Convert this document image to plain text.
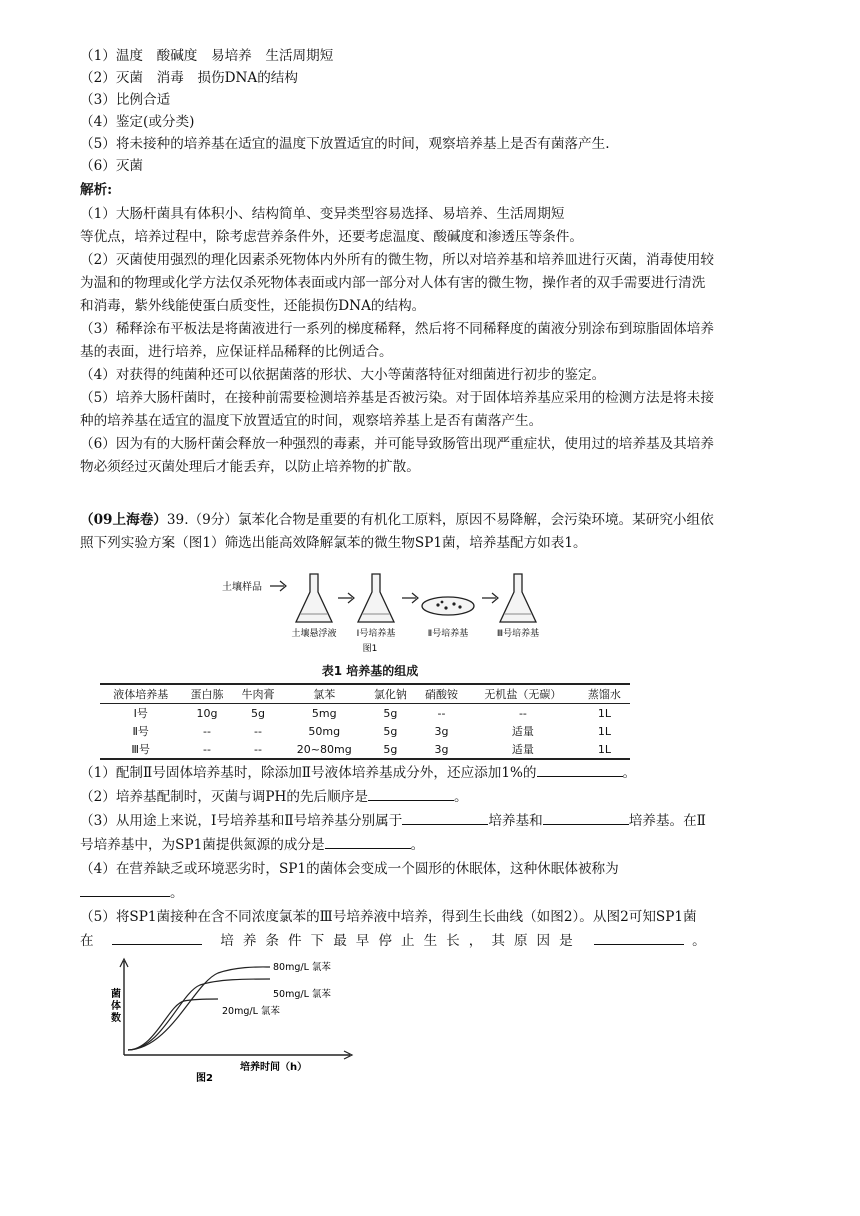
（1）温度　酸碱度　易培养　生活周期短
（2）灭菌　消毒　损伤DNA的结构
（3）比例合适
（4）鉴定(或分类)
（5）将未接种的培养基在适宜的温度下放置适宜的时间，观察培养基上是否有菌落产生.
（6）灭菌
解析:
（1）大肠杆菌具有体积小、结构简单、变异类型容易选择、易培养、生活周期短
等优点，培养过程中，除考虑营养条件外，还要考虑温度、酸碱度和渗透压等条件。
（2）灭菌使用强烈的理化因素杀死物体内外所有的微生物，所以对培养基和培养皿进行灭菌，消毒使用较
为温和的物理或化学方法仅杀死物体表面或内部一部分对人体有害的微生物，操作者的双手需要进行清洗
和消毒，紫外线能使蛋白质变性，还能损伤DNA的结构。
（3）稀释涂布平板法是将菌液进行一系列的梯度稀释，然后将不同稀释度的菌液分别涂布到琼脂固体培养
基的表面，进行培养，应保证样品稀释的比例适合。
（4）对获得的纯菌种还可以依据菌落的形状、大小等菌落特征对细菌进行初步的鉴定。
（5）培养大肠杆菌时，在接种前需要检测培养基是否被污染。对于固体培养基应采用的检测方法是将未接
种的培养基在适宜的温度下放置适宜的时间，观察培养基上是否有菌落产生。
（6）因为有的大肠杆菌会释放一种强烈的毒素，并可能导致肠管出现严重症状，使用过的培养基及其培养
物必须经过灭菌处理后才能丢弃，以防止培养物的扩散。
（09上海卷）39.（9分）氯苯化合物是重要的有机化工原料，原因不易降解，会污染环境。某研究小组依
照下列实验方案（图1）筛选出能高效降解氯苯的微生物SP1菌，培养基配方如表1。
土壤样品
土壤悬浮液 Ⅰ号培养基	Ⅱ号培养基	Ⅲ号培养基
图1
表1 培养基的组成
液体培养基	蛋白胨	牛肉膏	氯苯	氯化钠	硝酸铵	无机盐（无碳）	蒸馏水
Ⅰ号	10g	5g	5mg	5g	--	--	1L
Ⅱ号	--	--	50mg	5g	3g	适量	1L
Ⅲ号	--	--	20~80mg	5g	3g	适量	1L
（1）配制Ⅱ号固体培养基时，除添加Ⅱ号液体培养基成分外，还应添加1%的	。
（2）培养基配制时，灭菌与调PH的先后顺序是	。
（3）从用途上来说，Ⅰ号培养基和Ⅱ号培养基分别属于	培养基和	培养基。在Ⅱ
号培养基中，为SP1菌提供氮源的成分是	。
（4）在营养缺乏或环境恶劣时，SP1的菌体会变成一个圆形的休眠体，这种休眠体被称为
。
（5）将SP1菌接种在含不同浓度氯苯的Ⅲ号培养液中培养，得到生长曲线（如图2）。从图2可知SP1菌
在	培养条件下最早停止生长，其原因是	。
菌
体
数
80mg/L 氯苯
50mg/L 氯苯
20mg/L 氯苯
培养时间（h）
图2
